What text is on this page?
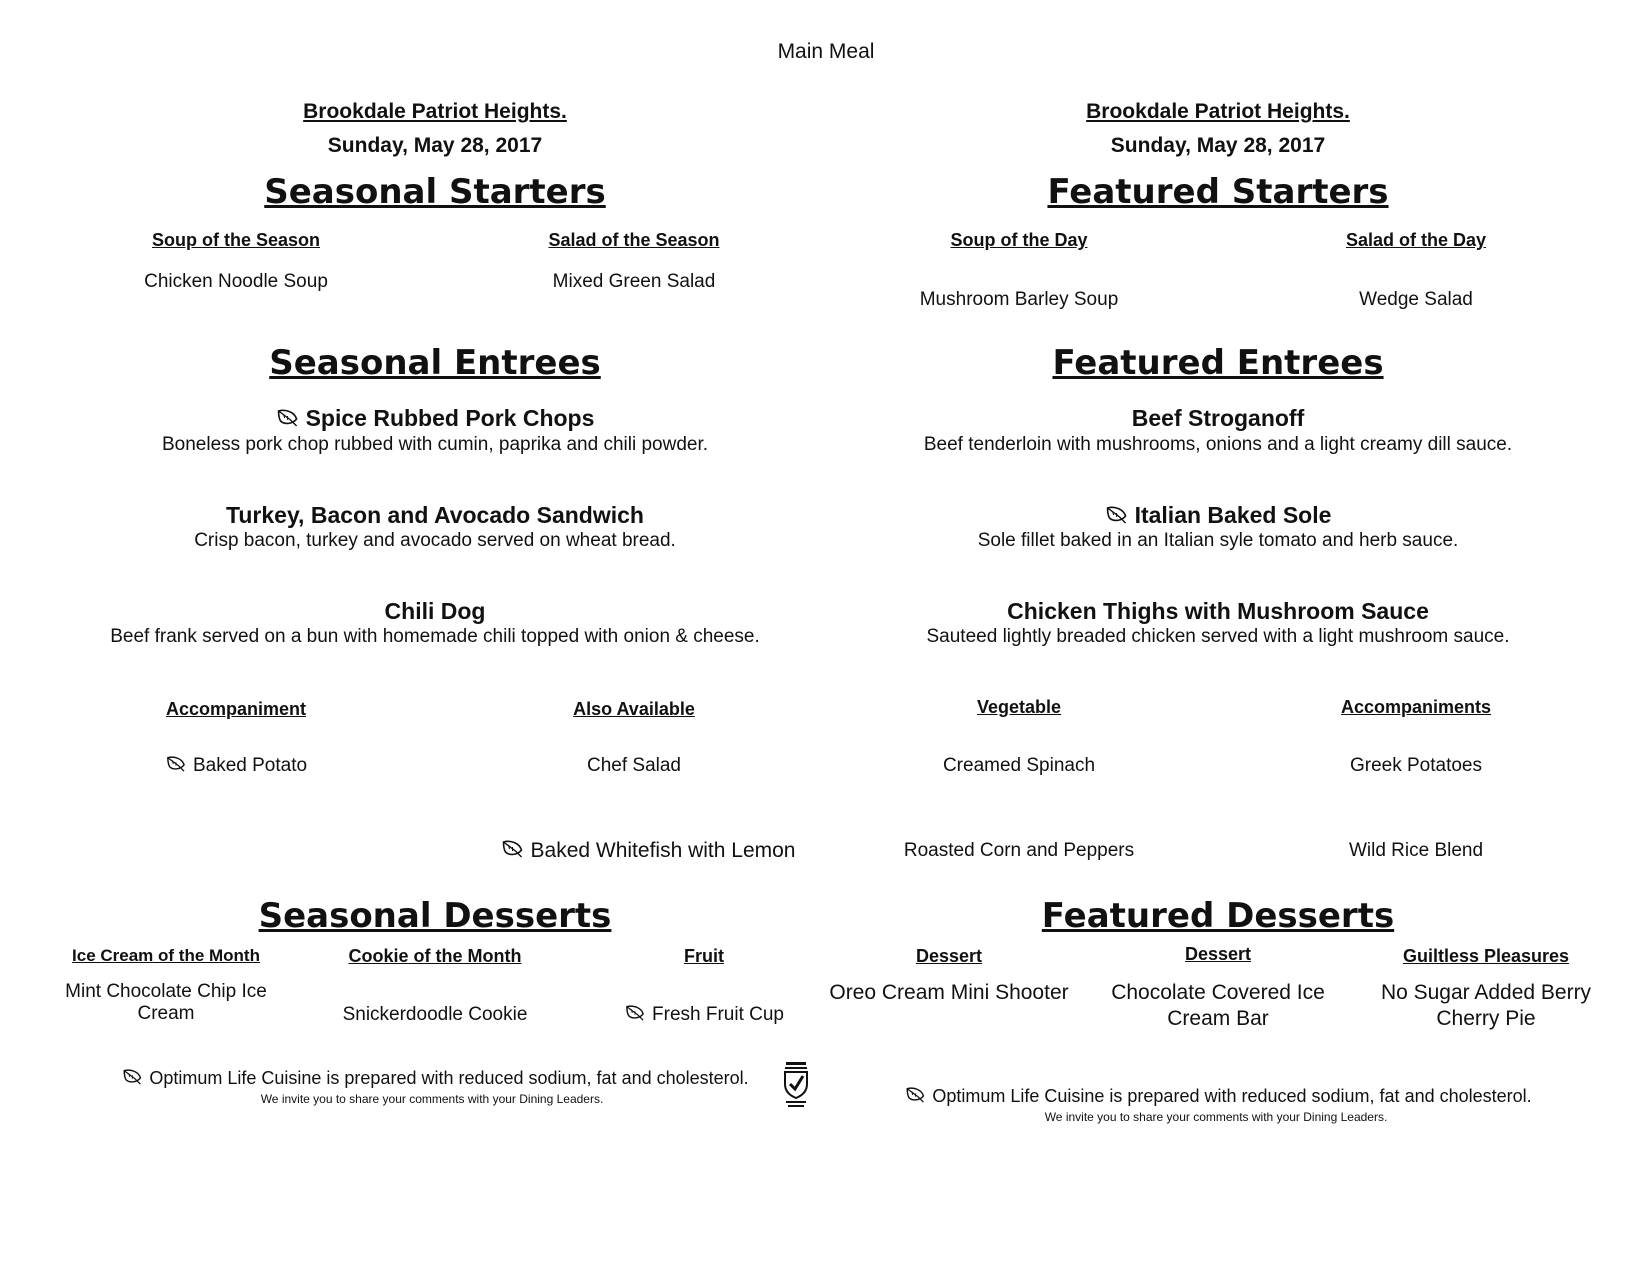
Main Meal
Brookdale Patriot Heights.
Sunday, May 28, 2017
Seasonal Starters
Soup of the Season
Chicken Noodle Soup
Salad of the Season
Mixed Green Salad
Seasonal Entrees
Spice Rubbed Pork Chops
Boneless pork chop rubbed with cumin, paprika and chili powder.
Turkey, Bacon and Avocado Sandwich
Crisp bacon, turkey and avocado served on wheat bread.
Chili Dog
Beef frank served on a bun with homemade chili topped with onion & cheese.
Accompaniment
Baked Potato
Also Available
Chef Salad
Baked Whitefish with Lemon
Seasonal Desserts
Ice Cream of the Month
Mint Chocolate Chip Ice Cream
Cookie of the Month
Snickerdoodle Cookie
Fruit
Fresh Fruit Cup
Optimum Life Cuisine is prepared with reduced sodium, fat and cholesterol.
We invite you to share your comments with your Dining Leaders.
Brookdale Patriot Heights.
Sunday, May 28, 2017
Featured Starters
Soup of the Day
Mushroom Barley Soup
Salad of the Day
Wedge Salad
Featured Entrees
Beef Stroganoff
Beef tenderloin with mushrooms, onions and a light creamy dill sauce.
Italian Baked Sole
Sole fillet baked in an Italian syle tomato and herb sauce.
Chicken Thighs with Mushroom Sauce
Sauteed lightly breaded chicken served with a light mushroom sauce.
Vegetable
Creamed Spinach
Roasted Corn and Peppers
Accompaniments
Greek Potatoes
Wild Rice Blend
Featured Desserts
Dessert
Oreo Cream Mini Shooter
Dessert
Chocolate Covered Ice Cream Bar
Guiltless Pleasures
No Sugar Added Berry Cherry Pie
Optimum Life Cuisine is prepared with reduced sodium, fat and cholesterol.
We invite you to share your comments with your Dining Leaders.
